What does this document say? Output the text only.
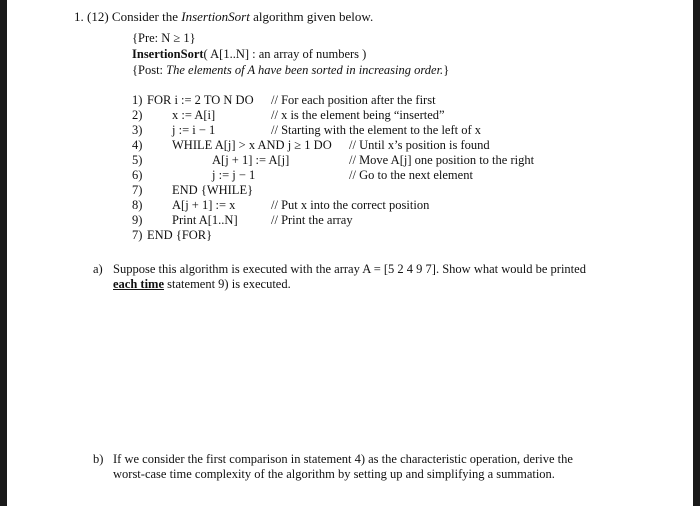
1. (12) Consider the InsertionSort algorithm given below.
{Pre: N ≥ 1}
InsertionSort( A[1..N] : an array of numbers )
{Post: The elements of A have been sorted in increasing order.}
1) FOR i := 2 TO N DO // For each position after the first
2) x := A[i]	// x is the element being “inserted”
3) j := i − 1	// Starting with the element to the left of x
4) WHILE A[j] > x AND j ≥ 1 DO // Until x’s position is found
5)	A[j + 1] := A[j]	// Move A[j] one position to the right
6)	j := j − 1	// Go to the next element
7) END {WHILE}
8) A[j + 1] := x	// Put x into the correct position
9) Print A[1..N]	// Print the array
7) END {FOR}
a) Suppose this algorithm is executed with the array A = [5 2 4 9 7]. Show what would be printed
each time statement 9) is executed.
b) If we consider the first comparison in statement 4) as the characteristic operation, derive the
worst-case time complexity of the algorithm by setting up and simplifying a summation.
